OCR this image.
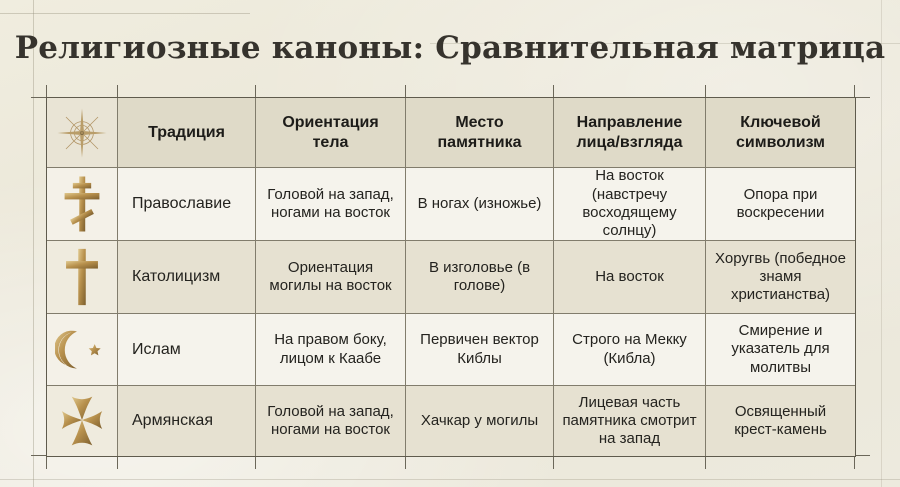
Религиозные каноны: Сравнительная матрица
Традиция
Ориентация тела
Место памятника
Направление лица/взгляда
Ключевой символизм
Православие
Головой на запад, ногами на восток
В ногах (изножье)
На восток (навстречу восходящему солнцу)
Опора при воскресении
Католицизм
Ориентация могилы на восток
В изголовье (в голове)
На восток
Хоругвь (победное знамя христианства)
Ислам
На правом боку, лицом к Каабе
Первичен вектор Киблы
Строго на Мекку (Кибла)
Смирение и указатель для молитвы
Армянская
Головой на запад, ногами на восток
Хачкар у могилы
Лицевая часть памятника смотрит на запад
Освященный крест-камень
